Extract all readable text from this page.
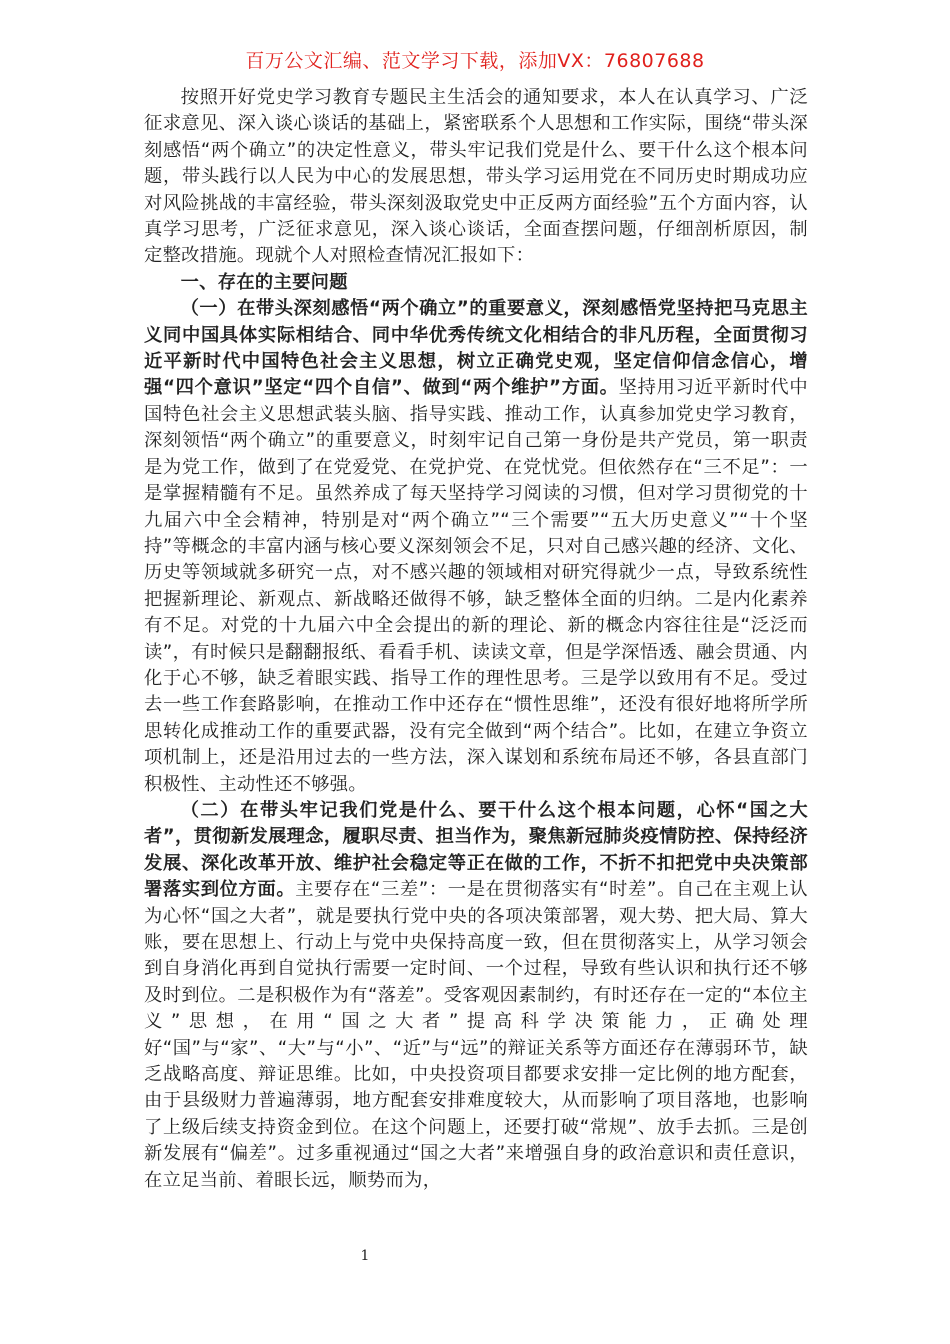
百万公文汇编、范文学习下载，添加VX：76807688

按照开好党史学习教育专题民主生活会的通知要求，本人在认真学习、广泛征求意见、深入谈心谈话的基础上，紧密联系个人思想和工作实际，围绕“带头深刻感悟“两个确立”的决定性意义，带头牢记我们党是什么、要干什么这个根本问题，带头践行以人民为中心的发展思想，带头学习运用党在不同历史时期成功应对风险挑战的丰富经验，带头深刻汲取党史中正反两方面经验”五个方面内容，认真学习思考，广泛征求意见，深入谈心谈话，全面查摆问题，仔细剖析原因，制定整改措施。现就个人对照检查情况汇报如下：

一、存在的主要问题

（一）在带头深刻感悟“两个确立”的重要意义，深刻感悟党坚持把马克思主义同中国具体实际相结合、同中华优秀传统文化相结合的非凡历程，全面贯彻习近平新时代中国特色社会主义思想，树立正确党史观，坚定信仰信念信心，增强“四个意识”坚定“四个自信”、做到“两个维护”方面。坚持用习近平新时代中国特色社会主义思想武装头脑、指导实践、推动工作，认真参加党史学习教育，深刻领悟“两个确立”的重要意义，时刻牢记自己第一身份是共产党员，第一职责是为党工作，做到了在党爱党、在党护党、在党忧党。但依然存在“三不足”：一是掌握精髓有不足。虽然养成了每天坚持学习阅读的习惯，但对学习贯彻党的十九届六中全会精神，特别是对“两个确立”“三个需要”“五大历史意义”“十个坚持”等概念的丰富内涵与核心要义深刻领会不足，只对自己感兴趣的经济、文化、历史等领域就多研究一点，对不感兴趣的领域相对研究得就少一点，导致系统性把握新理论、新观点、新战略还做得不够，缺乏整体全面的归纳。二是内化素养有不足。对党的十九届六中全会提出的新的理论、新的概念内容往往是“泛泛而读”，有时候只是翻翻报纸、看看手机、读读文章，但是学深悟透、融会贯通、内化于心不够，缺乏着眼实践、指导工作的理性思考。三是学以致用有不足。受过去一些工作套路影响，在推动工作中还存在“惯性思维”，还没有很好地将所学所思转化成推动工作的重要武器，没有完全做到“两个结合”。比如，在建立争资立项机制上，还是沿用过去的一些方法，深入谋划和系统布局还不够，各县直部门积极性、主动性还不够强。

（二）在带头牢记我们党是什么、要干什么这个根本问题，心怀“国之大者”，贯彻新发展理念，履职尽责、担当作为，聚焦新冠肺炎疫情防控、保持经济发展、深化改革开放、维护社会稳定等正在做的工作，不折不扣把党中央决策部署落实到位方面。主要存在“三差”：一是在贯彻落实有“时差”。自己在主观上认为心怀“国之大者”，就是要执行党中央的各项决策部署，观大势、把大局、算大账，要在思想上、行动上与党中央保持高度一致，但在贯彻落实上，从学习领会到自身消化再到自觉执行需要一定时间、一个过程，导致有些认识和执行还不够及时到位。二是积极作为有“落差”。受客观因素制约，有时还存在一定的“本位主义”思想，在用“国之大者”提高科学决策能力，正确处理好“国”与“家”、“大”与“小”、“近”与“远”的辩证关系等方面还存在薄弱环节，缺乏战略高度、辩证思维。比如，中央投资项目都要求安排一定比例的地方配套，由于县级财力普遍薄弱，地方配套安排难度较大，从而影响了项目落地，也影响了上级后续支持资金到位。在这个问题上，还要打破“常规”、放手去抓。三是创新发展有“偏差”。过多重视通过“国之大者”来增强自身的政治意识和责任意识，在立足当前、着眼长远，顺势而为，

1
